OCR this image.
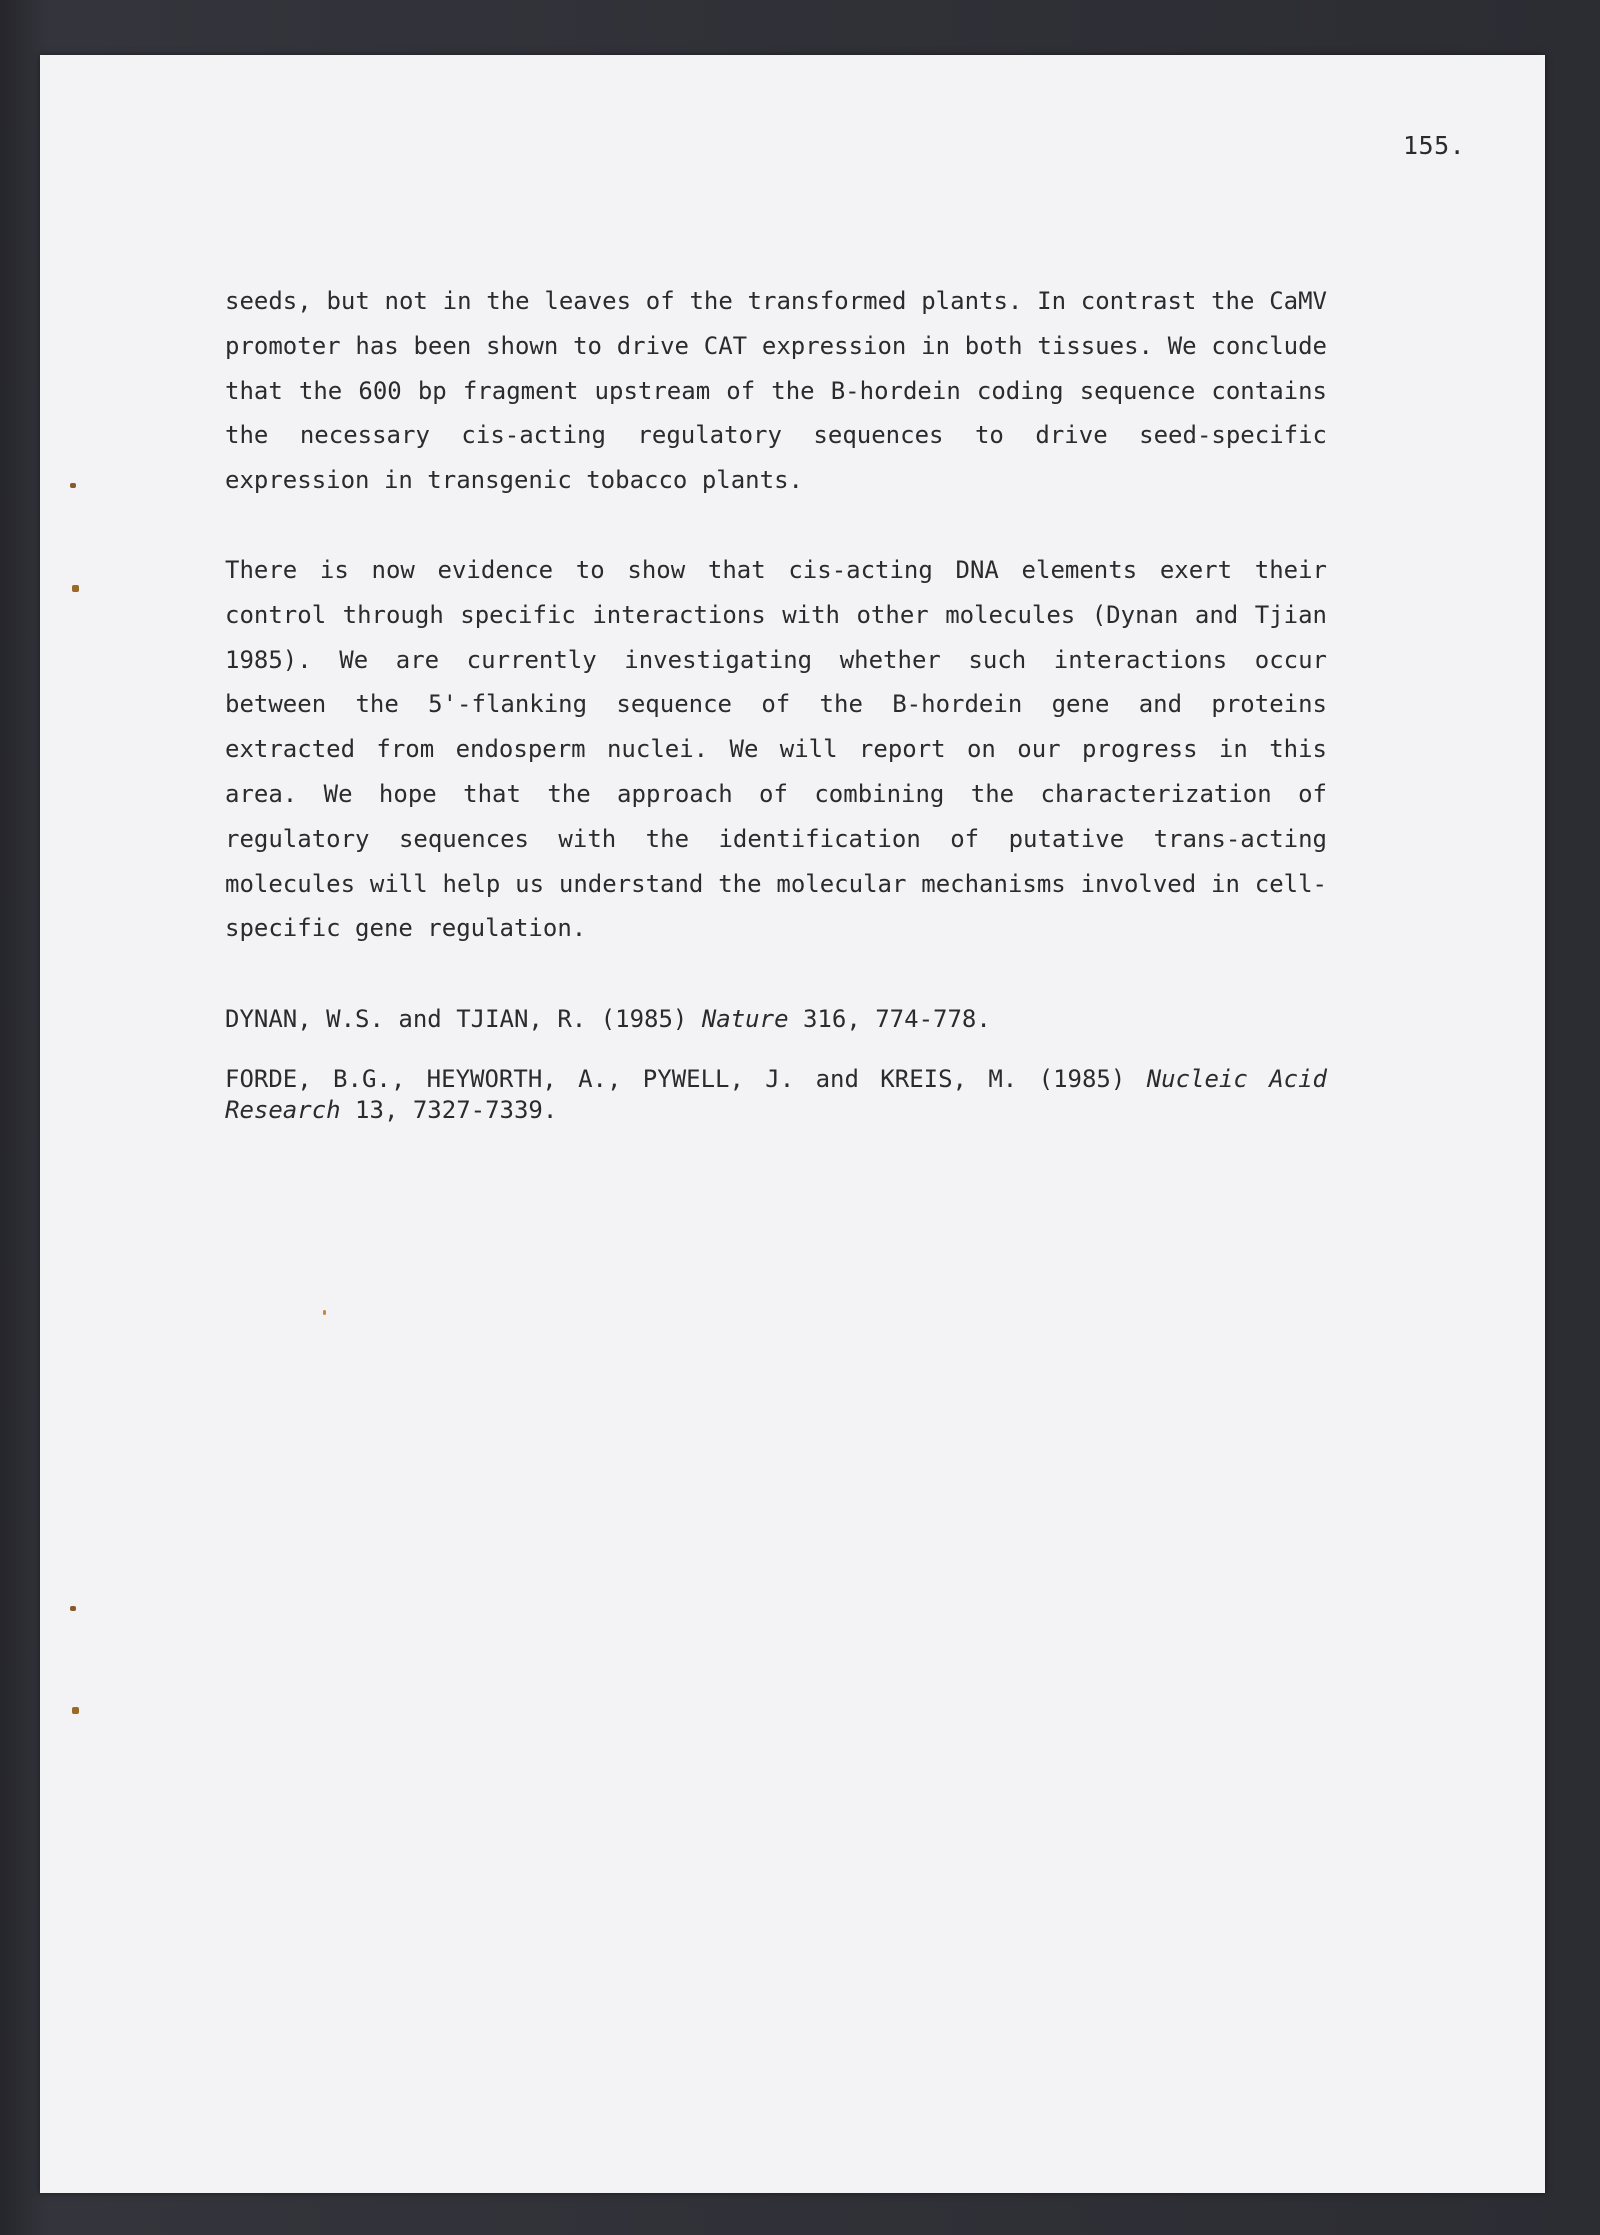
155.

seeds, but not in the leaves of the transformed plants. In contrast the CaMV promoter has been shown to drive CAT expression in both tissues. We conclude that the 600 bp fragment upstream of the B-hordein coding sequence contains the necessary cis-acting regulatory sequences to drive seed-specific expression in transgenic tobacco plants.

There is now evidence to show that cis-acting DNA elements exert their control through specific interactions with other molecules (Dynan and Tjian 1985). We are currently investigating whether such interactions occur between the 5'-flanking sequence of the B-hordein gene and proteins extracted from endosperm nuclei. We will report on our progress in this area. We hope that the approach of combining the characterization of regulatory sequences with the identification of putative trans-acting molecules will help us understand the molecular mechanisms involved in cell-specific gene regulation.

DYNAN, W.S. and TJIAN, R. (1985) Nature 316, 774-778.

FORDE, B.G., HEYWORTH, A., PYWELL, J. and KREIS, M. (1985) Nucleic Acid Research 13, 7327-7339.
